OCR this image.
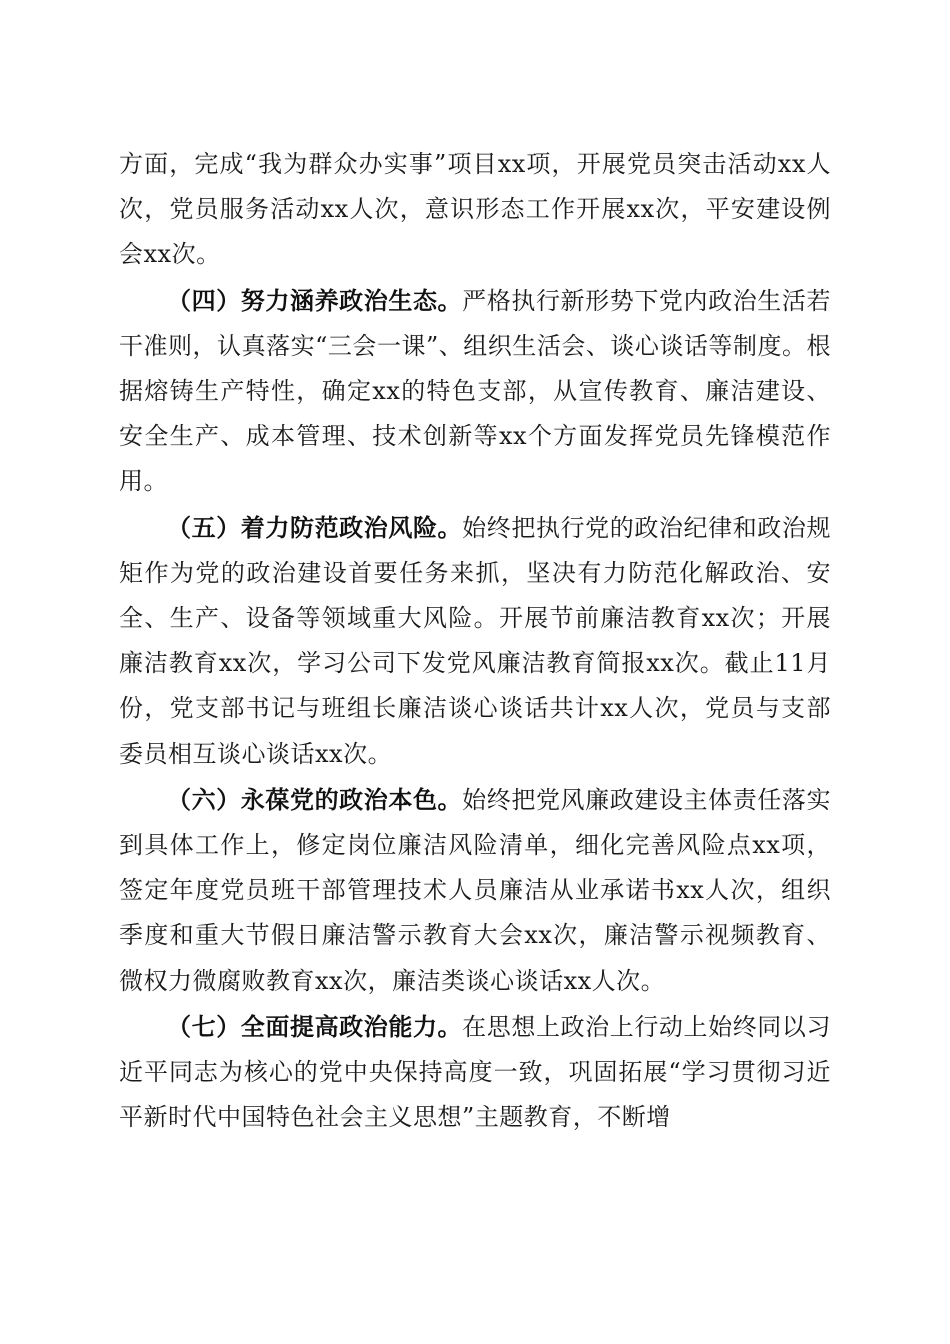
方面，完成“我为群众办实事”项目xx项，开展党员突击活动xx人次，党员服务活动xx人次，意识形态工作开展xx次，平安建设例会xx次。

（四）努力涵养政治生态。严格执行新形势下党内政治生活若干准则，认真落实“三会一课”、组织生活会、谈心谈话等制度。根据熔铸生产特性，确定xx的特色支部，从宣传教育、廉洁建设、安全生产、成本管理、技术创新等xx个方面发挥党员先锋模范作用。

（五）着力防范政治风险。始终把执行党的政治纪律和政治规矩作为党的政治建设首要任务来抓，坚决有力防范化解政治、安全、生产、设备等领域重大风险。开展节前廉洁教育xx次；开展廉洁教育xx次，学习公司下发党风廉洁教育简报xx次。截止11月份，党支部书记与班组长廉洁谈心谈话共计xx人次，党员与支部委员相互谈心谈话xx次。

（六）永葆党的政治本色。始终把党风廉政建设主体责任落实到具体工作上，修定岗位廉洁风险清单，细化完善风险点xx项，签定年度党员班干部管理技术人员廉洁从业承诺书xx人次，组织季度和重大节假日廉洁警示教育大会xx次，廉洁警示视频教育、微权力微腐败教育xx次，廉洁类谈心谈话xx人次。

（七）全面提高政治能力。在思想上政治上行动上始终同以习近平同志为核心的党中央保持高度一致，巩固拓展“学习贯彻习近平新时代中国特色社会主义思想”主题教育，不断增
